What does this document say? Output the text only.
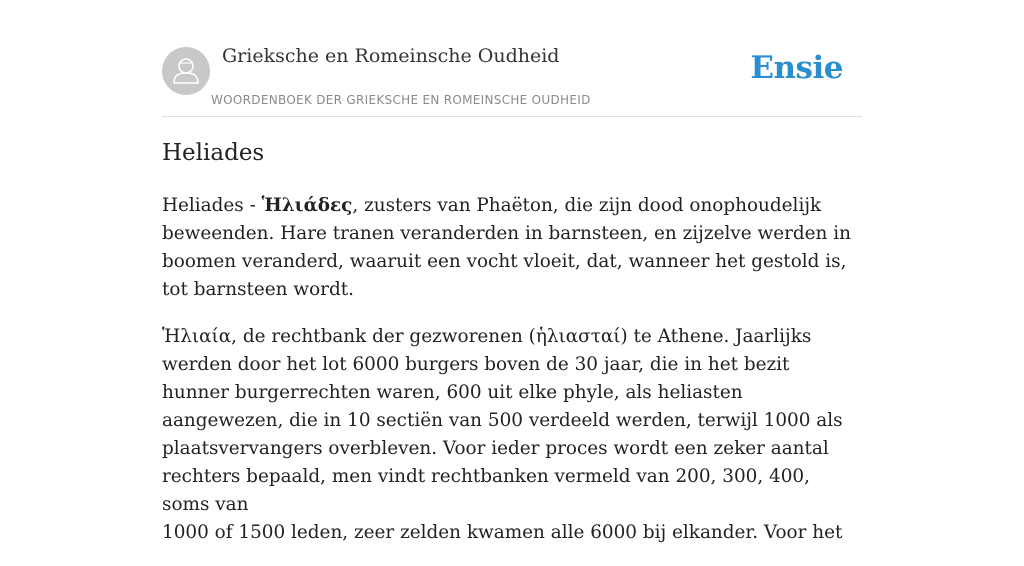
Grieksche en Romeinsche Oudheid
WOORDENBOEK DER GRIEKSCHE EN ROMEINSCHE OUDHEID
Ensie
Heliades

Heliades - Ἡλιάδες, zusters van Phaëton, die zijn dood onophoudelijk beweenden. Hare tranen veranderden in barnsteen, en zijzelve werden in boomen veranderd, waaruit een vocht vloeit, dat, wanneer het gestold is, tot barnsteen wordt.

Ἡλιαία, de rechtbank der gezworenen (ἡλιασταί) te Athene. Jaarlijks werden door het lot 6000 burgers boven de 30 jaar, die in het bezit hunner burgerrechten waren, 600 uit elke phyle, als heliasten aangewezen, die in 10 sectiën van 500 verdeeld werden, terwijl 1000 als plaatsvervangers overbleven. Voor ieder proces wordt een zeker aantal rechters bepaald, men vindt rechtbanken vermeld van 200, 300, 400, soms van
1000 of 1500 leden, zeer zelden kwamen alle 6000 bij elkander. Voor het
